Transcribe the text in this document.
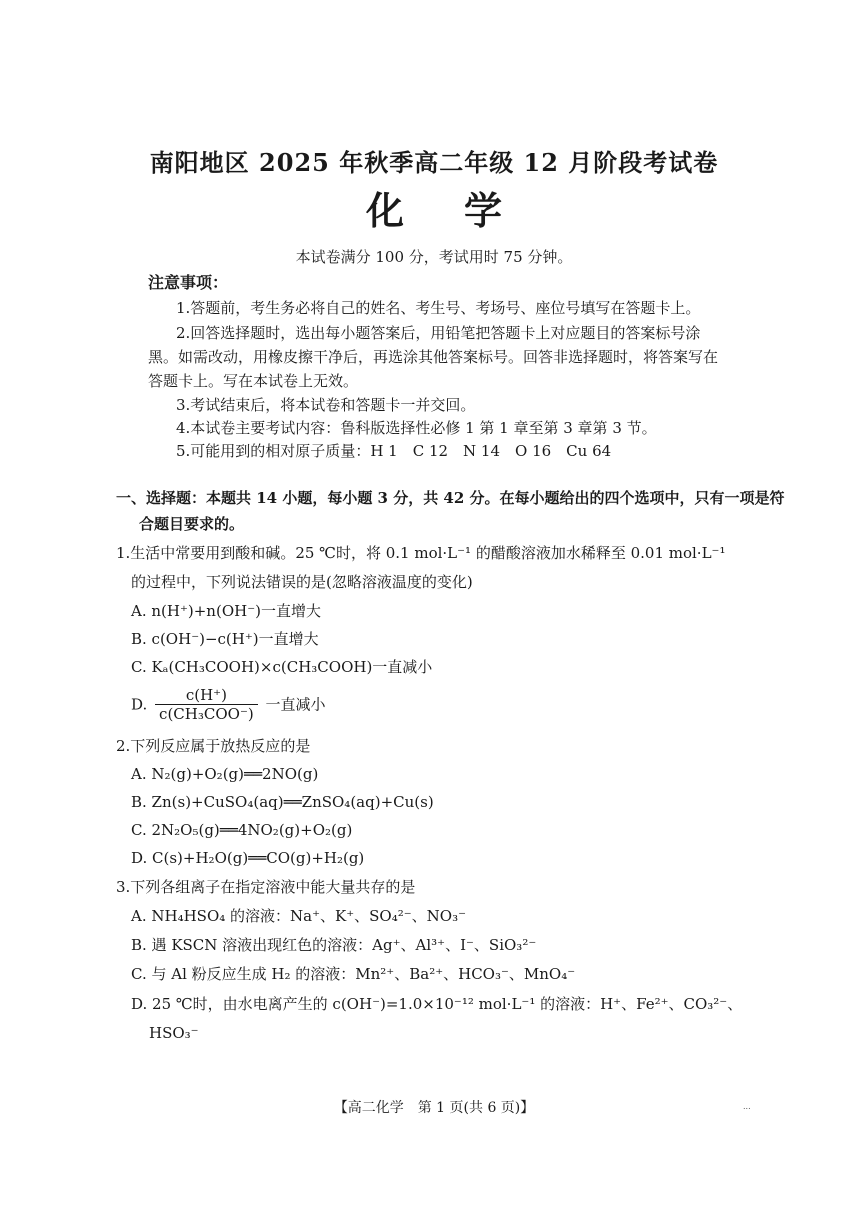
南阳地区 2025 年秋季高二年级 12 月阶段考试卷
化学
本试卷满分 100 分，考试用时 75 分钟。
注意事项：
1.答题前，考生务必将自己的姓名、考生号、考场号、座位号填写在答题卡上。
2.回答选择题时，选出每小题答案后，用铅笔把答题卡上对应题目的答案标号涂
黑。如需改动，用橡皮擦干净后，再选涂其他答案标号。回答非选择题时，将答案写在
答题卡上。写在本试卷上无效。
3.考试结束后，将本试卷和答题卡一并交回。
4.本试卷主要考试内容：鲁科版选择性必修 1 第 1 章至第 3 章第 3 节。
5.可能用到的相对原子质量：H 1　C 12　N 14　O 16　Cu 64
一、选择题：本题共 14 小题，每小题 3 分，共 42 分。在每小题给出的四个选项中，只有一项是符
合题目要求的。
1.生活中常要用到酸和碱。25 ℃时，将 0.1 mol·L⁻¹ 的醋酸溶液加水稀释至 0.01 mol·L⁻¹
的过程中，下列说法错误的是(忽略溶液温度的变化)
A. n(H⁺)+n(OH⁻)一直增大
B. c(OH⁻)−c(H⁺)一直增大
C. Kₐ(CH₃COOH)×c(CH₃COOH)一直减小
D. $\frac{c(H^+)}{\text{c(CH₃COO⁻)}}$ 一直减小
2.下列反应属于放热反应的是
A. N₂(g)+O₂(g)══2NO(g)
B. Zn(s)+CuSO₄(aq)══ZnSO₄(aq)+Cu(s)
C. 2N₂O₅(g)══4NO₂(g)+O₂(g)
D. C(s)+H₂O(g)══CO(g)+H₂(g)
3.下列各组离子在指定溶液中能大量共存的是
A. NH₄HSO₄ 的溶液：Na⁺、K⁺、SO₄²⁻、NO₃⁻
B. 遇 KSCN 溶液出现红色的溶液：Ag⁺、Al³⁺、I⁻、SiO₃²⁻
C. 与 Al 粉反应生成 H₂ 的溶液：Mn²⁺、Ba²⁺、HCO₃⁻、MnO₄⁻
D. 25 ℃时，由水电离产生的 c(OH⁻)=1.0×10⁻¹² mol·L⁻¹ 的溶液：H⁺、Fe²⁺、CO₃²⁻、
HSO₃⁻
【高二化学　第 1 页(共 6 页)】	...
